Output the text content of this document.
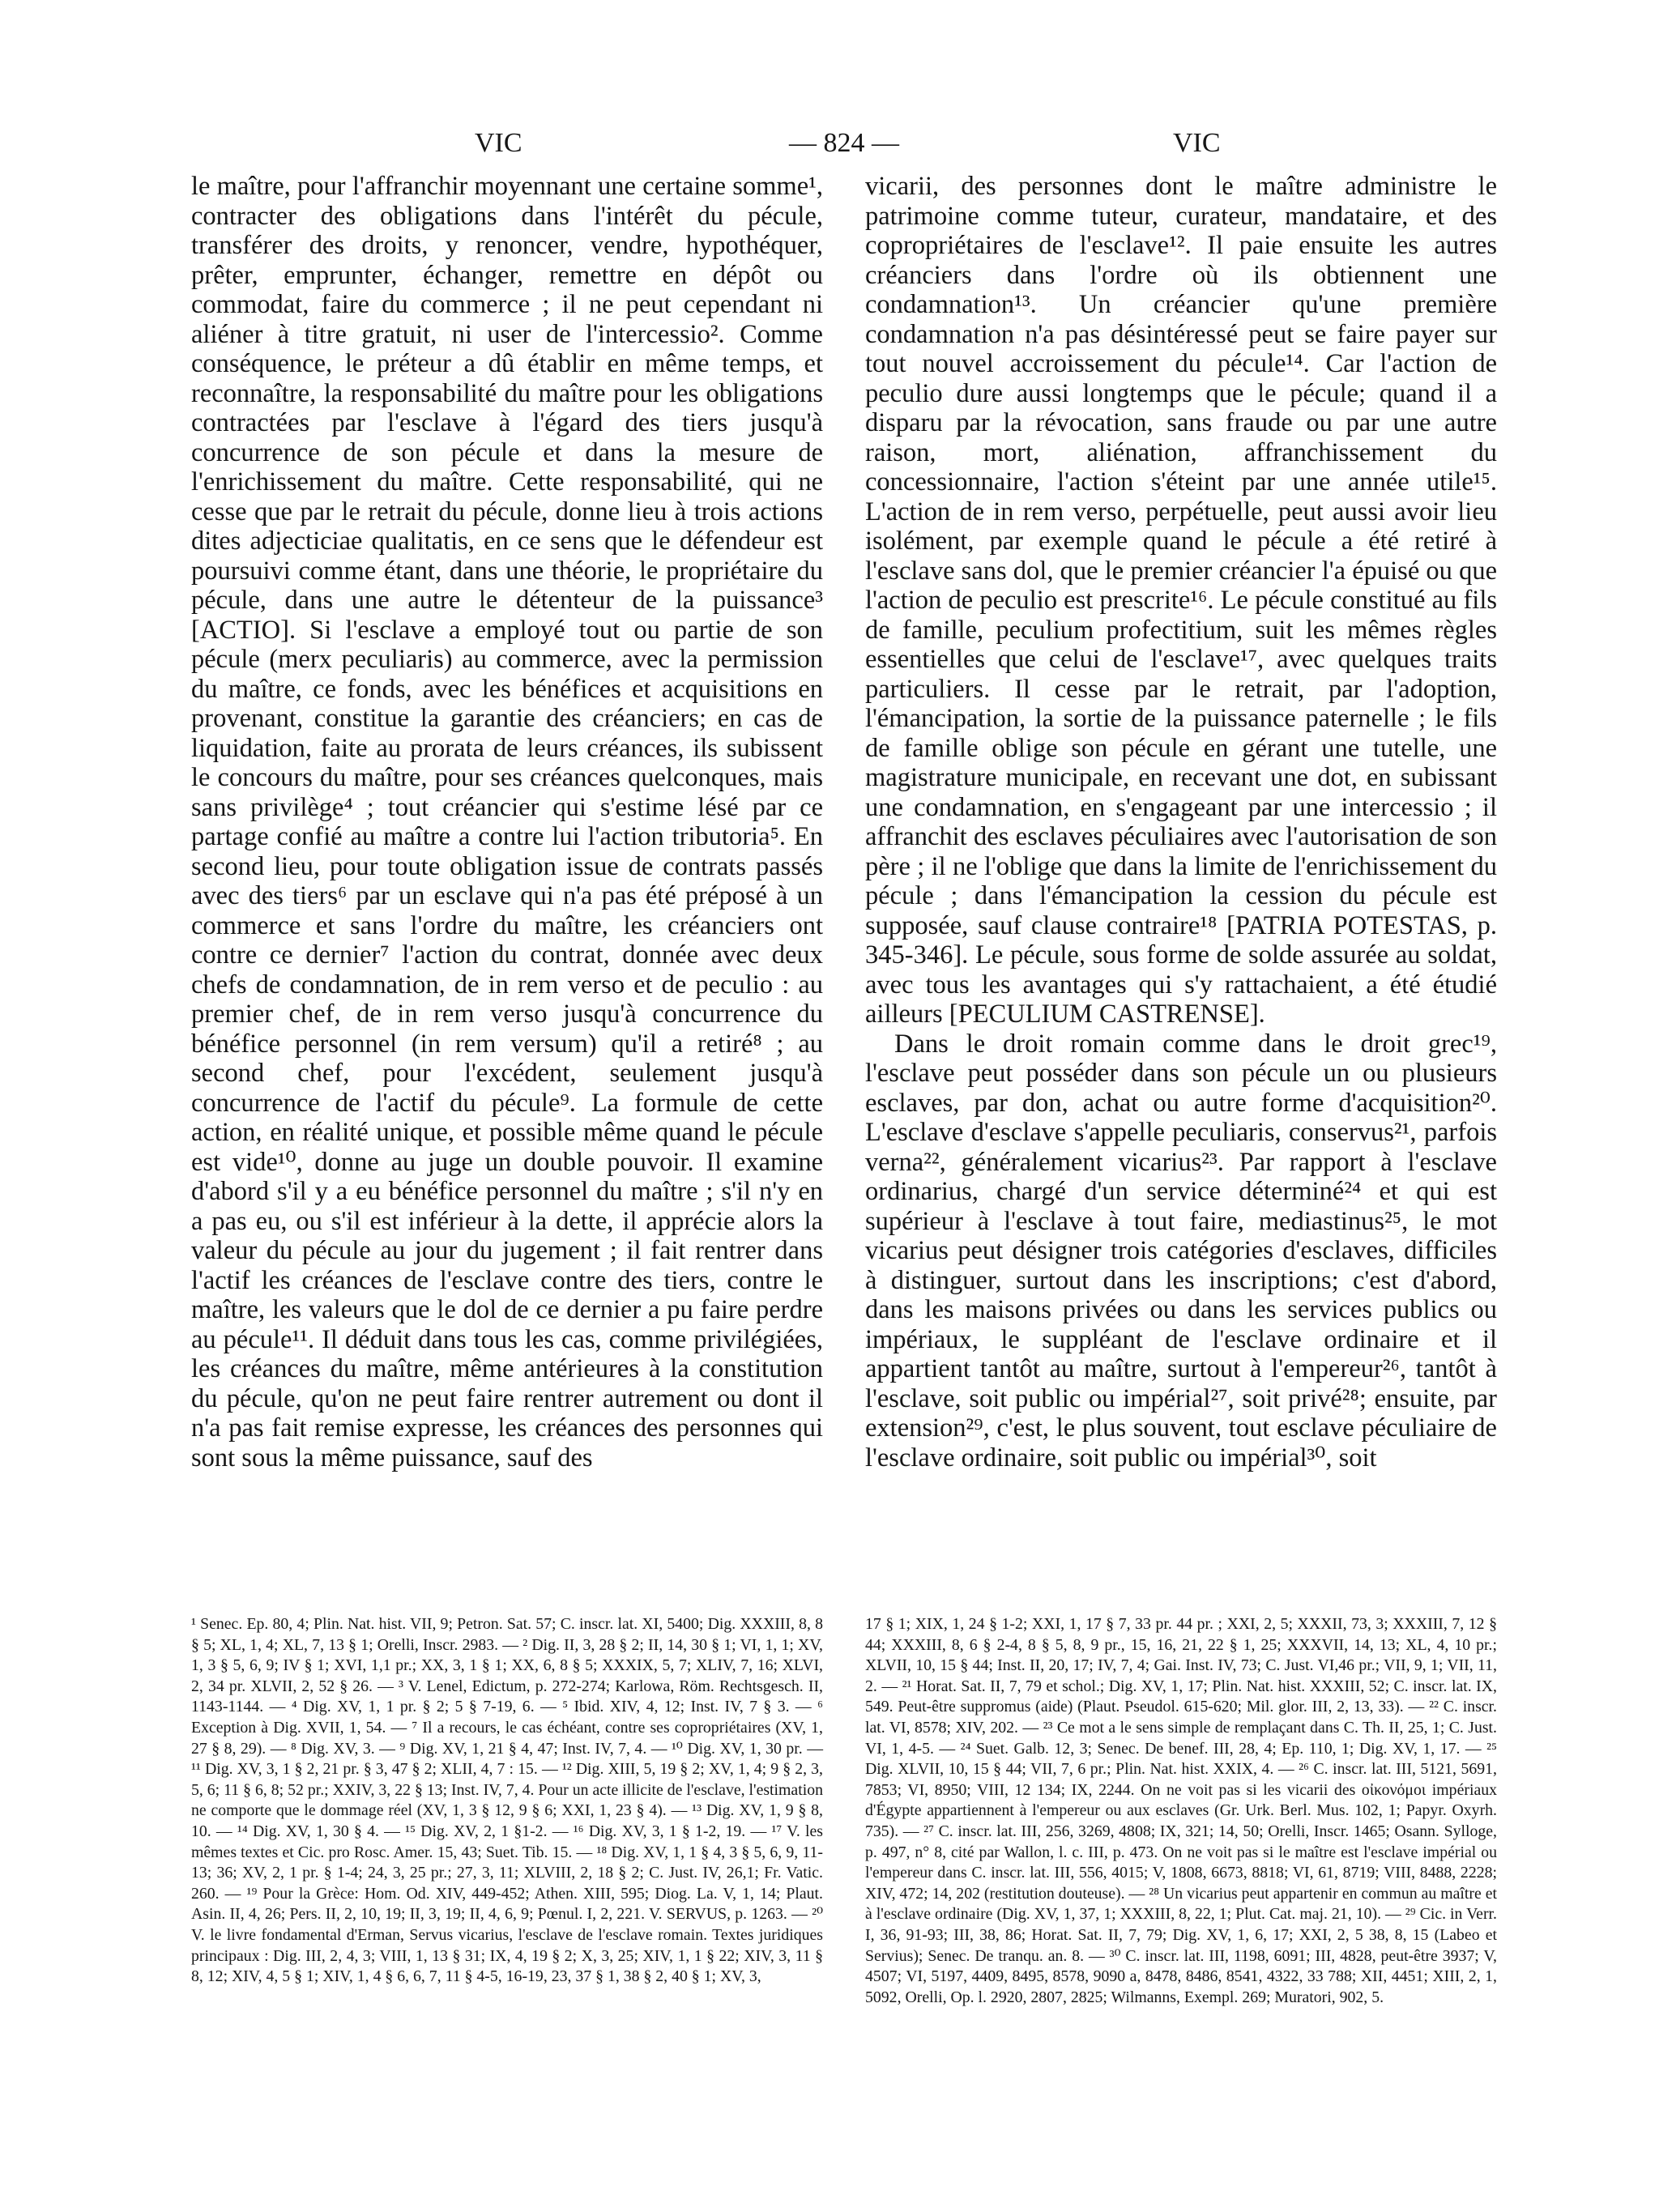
VIC	— 824 —	VIC

le maître, pour l'affranchir moyennant une certaine somme¹, contracter des obligations dans l'intérêt du pécule, transférer des droits, y renoncer, vendre, hypothéquer, prêter, emprunter, échanger, remettre en dépôt ou commodat, faire du commerce ; il ne peut cependant ni aliéner à titre gratuit, ni user de l'intercessio². Comme conséquence, le préteur a dû établir en même temps, et reconnaître, la responsabilité du maître pour les obligations contractées par l'esclave à l'égard des tiers jusqu'à concurrence de son pécule et dans la mesure de l'enrichissement du maître. Cette responsabilité, qui ne cesse que par le retrait du pécule, donne lieu à trois actions dites adjecticiae qualitatis, en ce sens que le défendeur est poursuivi comme étant, dans une théorie, le propriétaire du pécule, dans une autre le détenteur de la puissance³ [ACTIO]. Si l'esclave a employé tout ou partie de son pécule (merx peculiaris) au commerce, avec la permission du maître, ce fonds, avec les bénéfices et acquisitions en provenant, constitue la garantie des créanciers; en cas de liquidation, faite au prorata de leurs créances, ils subissent le concours du maître, pour ses créances quelconques, mais sans privilège⁴ ; tout créancier qui s'estime lésé par ce partage confié au maître a contre lui l'action tributoria⁵. En second lieu, pour toute obligation issue de contrats passés avec des tiers⁶ par un esclave qui n'a pas été préposé à un commerce et sans l'ordre du maître, les créanciers ont contre ce dernier⁷ l'action du contrat, donnée avec deux chefs de condamnation, de in rem verso et de peculio : au premier chef, de in rem verso jusqu'à concurrence du bénéfice personnel (in rem versum) qu'il a retiré⁸ ; au second chef, pour l'excédent, seulement jusqu'à concurrence de l'actif du pécule⁹. La formule de cette action, en réalité unique, et possible même quand le pécule est vide¹⁰, donne au juge un double pouvoir. Il examine d'abord s'il y a eu bénéfice personnel du maître ; s'il n'y en a pas eu, ou s'il est inférieur à la dette, il apprécie alors la valeur du pécule au jour du jugement ; il fait rentrer dans l'actif les créances de l'esclave contre des tiers, contre le maître, les valeurs que le dol de ce dernier a pu faire perdre au pécule¹¹. Il déduit dans tous les cas, comme privilégiées, les créances du maître, même antérieures à la constitution du pécule, qu'on ne peut faire rentrer autrement ou dont il n'a pas fait remise expresse, les créances des personnes qui sont sous la même puissance, sauf des

vicarii, des personnes dont le maître administre le patrimoine comme tuteur, curateur, mandataire, et des copropriétaires de l'esclave¹². Il paie ensuite les autres créanciers dans l'ordre où ils obtiennent une condamnation¹³. Un créancier qu'une première condamnation n'a pas désintéressé peut se faire payer sur tout nouvel accroissement du pécule¹⁴. Car l'action de peculio dure aussi longtemps que le pécule; quand il a disparu par la révocation, sans fraude ou par une autre raison, mort, aliénation, affranchissement du concessionnaire, l'action s'éteint par une année utile¹⁵. L'action de in rem verso, perpétuelle, peut aussi avoir lieu isolément, par exemple quand le pécule a été retiré à l'esclave sans dol, que le premier créancier l'a épuisé ou que l'action de peculio est prescrite¹⁶. Le pécule constitué au fils de famille, peculium profectitium, suit les mêmes règles essentielles que celui de l'esclave¹⁷, avec quelques traits particuliers. Il cesse par le retrait, par l'adoption, l'émancipation, la sortie de la puissance paternelle ; le fils de famille oblige son pécule en gérant une tutelle, une magistrature municipale, en recevant une dot, en subissant une condamnation, en s'engageant par une intercessio ; il affranchit des esclaves péculiaires avec l'autorisation de son père ; il ne l'oblige que dans la limite de l'enrichissement du pécule ; dans l'émancipation la cession du pécule est supposée, sauf clause contraire¹⁸ [PATRIA POTESTAS, p. 345-346]. Le pécule, sous forme de solde assurée au soldat, avec tous les avantages qui s'y rattachaient, a été étudié ailleurs [PECULIUM CASTRENSE].

Dans le droit romain comme dans le droit grec¹⁹, l'esclave peut posséder dans son pécule un ou plusieurs esclaves, par don, achat ou autre forme d'acquisition²⁰. L'esclave d'esclave s'appelle peculiaris, conservus²¹, parfois verna²², généralement vicarius²³. Par rapport à l'esclave ordinarius, chargé d'un service déterminé²⁴ et qui est supérieur à l'esclave à tout faire, mediastinus²⁵, le mot vicarius peut désigner trois catégories d'esclaves, difficiles à distinguer, surtout dans les inscriptions; c'est d'abord, dans les maisons privées ou dans les services publics ou impériaux, le suppléant de l'esclave ordinaire et il appartient tantôt au maître, surtout à l'empereur²⁶, tantôt à l'esclave, soit public ou impérial²⁷, soit privé²⁸; ensuite, par extension²⁹, c'est, le plus souvent, tout esclave péculiaire de l'esclave ordinaire, soit public ou impérial³⁰, soit

¹ Senec. Ep. 80, 4; Plin. Nat. hist. VII, 9; Petron. Sat. 57; C. inscr. lat. XI, 5400; Dig. XXXIII, 8, 8 § 5; XL, 1, 4; XL, 7, 13 § 1; Orelli, Inscr. 2983. — ² Dig. II, 3, 28 § 2; II, 14, 30 § 1; VI, 1, 1; XV, 1, 3 § 5, 6, 9; IV § 1; XVI, 1,1 pr.; XX, 3, 1 § 1; XX, 6, 8 § 5; XXXIX, 5, 7; XLIV, 7, 16; XLVI, 2, 34 pr. XLVII, 2, 52 § 26. — ³ V. Lenel, Edictum, p. 272-274; Karlowa, Röm. Rechtsgesch. II, 1143-1144. — ⁴ Dig. XV, 1, 1 pr. § 2; 5 § 7-19, 6. — ⁵ Ibid. XIV, 4, 12; Inst. IV, 7 § 3. — ⁶ Exception à Dig. XVII, 1, 54. — ⁷ Il a recours, le cas échéant, contre ses copropriétaires (XV, 1, 27 § 8, 29). — ⁸ Dig. XV, 3. — ⁹ Dig. XV, 1, 21 § 4, 47; Inst. IV, 7, 4. — ¹⁰ Dig. XV, 1, 30 pr. — ¹¹ Dig. XV, 3, 1 § 2, 21 pr. § 3, 47 § 2; XLII, 4, 7 : 15. — ¹² Dig. XIII, 5, 19 § 2; XV, 1, 4; 9 § 2, 3, 5, 6; 11 § 6, 8; 52 pr.; XXIV, 3, 22 § 13; Inst. IV, 7, 4. Pour un acte illicite de l'esclave, l'estimation ne comporte que le dommage réel (XV, 1, 3 § 12, 9 § 6; XXI, 1, 23 § 4). — ¹³ Dig. XV, 1, 9 § 8, 10. — ¹⁴ Dig. XV, 1, 30 § 4. — ¹⁵ Dig. XV, 2, 1 §1-2. — ¹⁶ Dig. XV, 3, 1 § 1-2, 19. — ¹⁷ V. les mêmes textes et Cic. pro Rosc. Amer. 15, 43; Suet. Tib. 15. — ¹⁸ Dig. XV, 1, 1 § 4, 3 § 5, 6, 9, 11-13; 36; XV, 2, 1 pr. § 1-4; 24, 3, 25 pr.; 27, 3, 11; XLVIII, 2, 18 § 2; C. Just. IV, 26,1; Fr. Vatic. 260. — ¹⁹ Pour la Grèce: Hom. Od. XIV, 449-452; Athen. XIII, 595; Diog. La. V, 1, 14; Plaut. Asin. II, 4, 26; Pers. II, 2, 10, 19; II, 3, 19; II, 4, 6, 9; Pœnul. I, 2, 221. V. SERVUS, p. 1263. — ²⁰ V. le livre fondamental d'Erman, Servus vicarius, l'esclave de l'esclave romain. Textes juridiques principaux : Dig. III, 2, 4, 3; VIII, 1, 13 § 31; IX, 4, 19 § 2; X, 3, 25; XIV, 1, 1 § 22; XIV, 3, 11 § 8, 12; XIV, 4, 5 § 1; XIV, 1, 4 § 6, 6, 7, 11 § 4-5, 16-19, 23, 37 § 1, 38 § 2, 40 § 1; XV, 3,

17 § 1; XIX, 1, 24 § 1-2; XXI, 1, 17 § 7, 33 pr. 44 pr. ; XXI, 2, 5; XXXII, 73, 3; XXXIII, 7, 12 § 44; XXXIII, 8, 6 § 2-4, 8 § 5, 8, 9 pr., 15, 16, 21, 22 § 1, 25; XXXVII, 14, 13; XL, 4, 10 pr.; XLVII, 10, 15 § 44; Inst. II, 20, 17; IV, 7, 4; Gai. Inst. IV, 73; C. Just. VI,46 pr.; VII, 9, 1; VII, 11, 2. — ²¹ Horat. Sat. II, 7, 79 et schol.; Dig. XV, 1, 17; Plin. Nat. hist. XXXIII, 52; C. inscr. lat. IX, 549. Peut-être suppromus (aide) (Plaut. Pseudol. 615-620; Mil. glor. III, 2, 13, 33). — ²² C. inscr. lat. VI, 8578; XIV, 202. — ²³ Ce mot a le sens simple de remplaçant dans C. Th. II, 25, 1; C. Just. VI, 1, 4-5. — ²⁴ Suet. Galb. 12, 3; Senec. De benef. III, 28, 4; Ep. 110, 1; Dig. XV, 1, 17. — ²⁵ Dig. XLVII, 10, 15 § 44; VII, 7, 6 pr.; Plin. Nat. hist. XXIX, 4. — ²⁶ C. inscr. lat. III, 5121, 5691, 7853; VI, 8950; VIII, 12 134; IX, 2244. On ne voit pas si les vicarii des οἰκονόμοι impériaux d'Égypte appartiennent à l'empereur ou aux esclaves (Gr. Urk. Berl. Mus. 102, 1; Papyr. Oxyrh. 735). — ²⁷ C. inscr. lat. III, 256, 3269, 4808; IX, 321; 14, 50; Orelli, Inscr. 1465; Osann. Sylloge, p. 497, n° 8, cité par Wallon, l. c. III, p. 473. On ne voit pas si le maître est l'esclave impérial ou l'empereur dans C. inscr. lat. III, 556, 4015; V, 1808, 6673, 8818; VI, 61, 8719; VIII, 8488, 2228; XIV, 472; 14, 202 (restitution douteuse). — ²⁸ Un vicarius peut appartenir en commun au maître et à l'esclave ordinaire (Dig. XV, 1, 37, 1; XXXIII, 8, 22, 1; Plut. Cat. maj. 21, 10). — ²⁹ Cic. in Verr. I, 36, 91-93; III, 38, 86; Horat. Sat. II, 7, 79; Dig. XV, 1, 6, 17; XXI, 2, 5 38, 8, 15 (Labeo et Servius); Senec. De tranqu. an. 8. — ³⁰ C. inscr. lat. III, 1198, 6091; III, 4828, peut-être 3937; V, 4507; VI, 5197, 4409, 8495, 8578, 9090 a, 8478, 8486, 8541, 4322, 33 788; XII, 4451; XIII, 2, 1, 5092, Orelli, Op. l. 2920, 2807, 2825; Wilmanns, Exempl. 269; Muratori, 902, 5.
